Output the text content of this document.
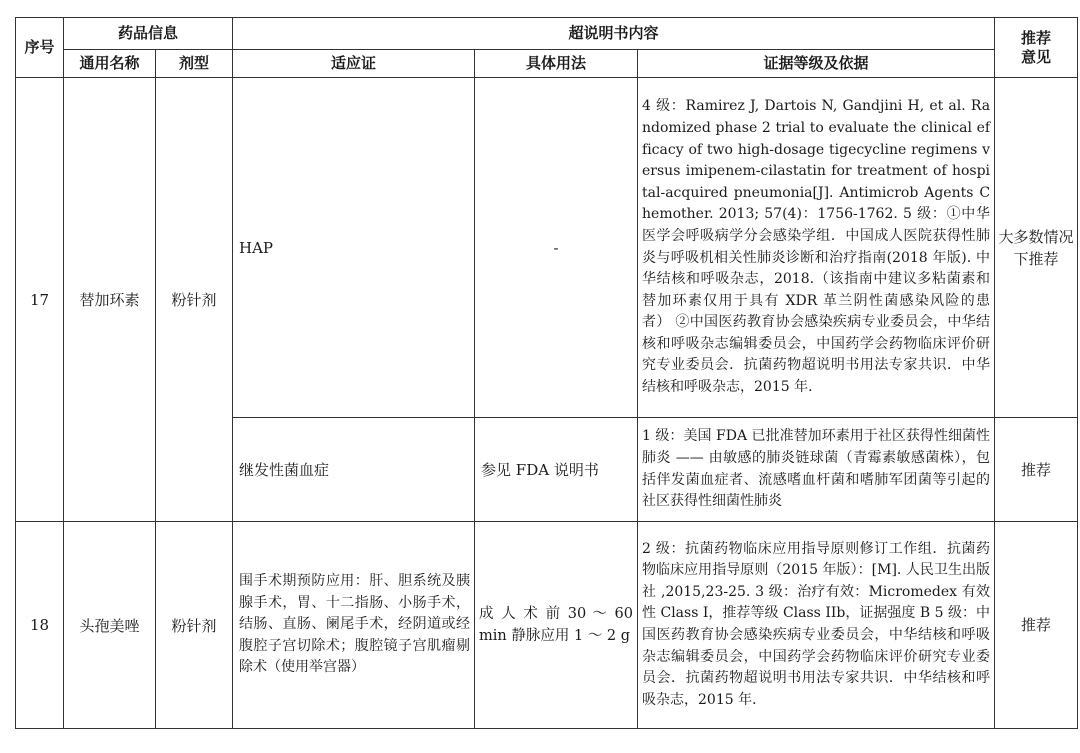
序号	药品信息		超说明书内容			推荐意见
	通用名称	剂型	适应证	具体用法	证据等级及依据	
17	替加环素	粉针剂	HAP	-	4 级：Ramirez J, Dartois N, Gandjini H, et al. Randomized phase 2 trial to evaluate the clinical efficacy of two high-dosage tigecycline regimens versus imipenem-cilastatin for treatment of hospital-acquired pneumonia[J]. Antimicrob Agents Chemother. 2013; 57(4)：1756-1762. 5 级：①中华医学会呼吸病学分会感染学组．中国成人医院获得性肺炎与呼吸机相关性肺炎诊断和治疗指南(2018 年版). 中华结核和呼吸杂志，2018.（该指南中建议多粘菌素和替加环素仅用于具有 XDR 革兰阴性菌感染风险的患者） ②中国医药教育协会感染疾病专业委员会，中华结核和呼吸杂志编辑委员会，中国药学会药物临床评价研究专业委员会．抗菌药物超说明书用法专家共识．中华结核和呼吸杂志，2015 年．	大多数情况下推荐
			继发性菌血症	参见 FDA 说明书	1 级：美国 FDA 已批准替加环素用于社区获得性细菌性肺炎 —— 由敏感的肺炎链球菌（青霉素敏感菌株），包括伴发菌血症者、流感嗜血杆菌和嗜肺军团菌等引起的社区获得性细菌性肺炎	推荐
18	头孢美唑	粉针剂	围手术期预防应用：肝、胆系统及胰腺手术，胃、十二指肠、小肠手术，结肠、直肠、阑尾手术，经阴道或经腹腔子宫切除术；腹腔镜子宫肌瘤剔除术（使用举宫器）	成 人 术 前 30 ～ 60 min 静脉应用 1 ～ 2 g	2 级：抗菌药物临床应用指导原则修订工作组．抗菌药物临床应用指导原则（2015 年版）：[M]. 人民卫生出版社 ,2015,23-25. 3 级：治疗有效：Micromedex 有效性 Class I，推荐等级 Class IIb，证据强度 B 5 级：中国医药教育协会感染疾病专业委员会，中华结核和呼吸杂志编辑委员会，中国药学会药物临床评价研究专业委员会．抗菌药物超说明书用法专家共识．中华结核和呼吸杂志，2015 年．	推荐
